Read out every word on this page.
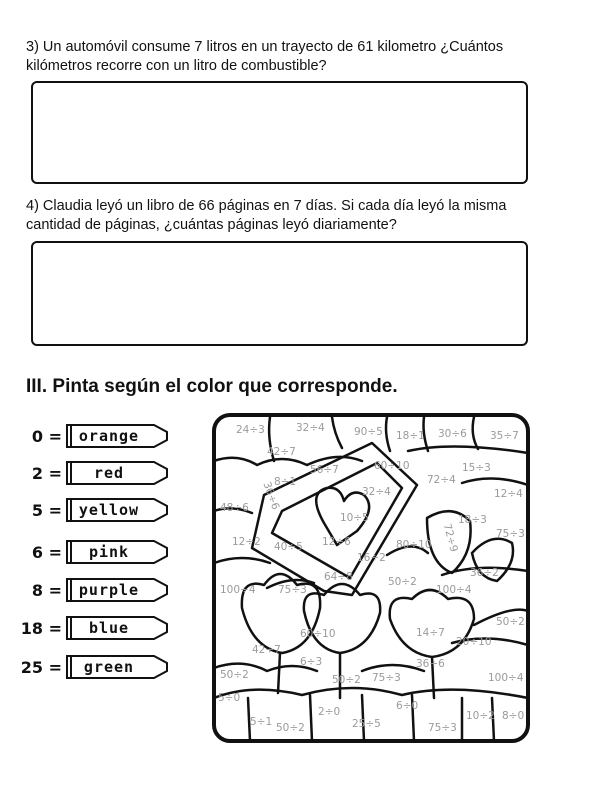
3) Un automóvil consume 7 litros en un trayecto de 61 kilometro ¿Cuántos kilómetros recorre con un litro de combustible?
4) Claudia leyó un libro de 66 páginas en 7 días. Si cada día leyó la misma cantidad de páginas, ¿cuántas páginas leyó diariamente?
III. Pinta según el color que corresponde.
0 =	orange
2 =	red
5 =	yellow
6 =	pink
8 =	purple
18 =	blue
25 =	green
24÷3	32÷4	90÷5 18÷1 30÷6 35÷7
42÷7
56÷7	60÷10	15÷3
8÷1
36÷6
72÷4
32÷4	12÷4
48÷6
10÷5	18÷3
75÷3
12÷2 40÷5 12÷6
16÷2
80÷10 72÷9
36÷2
64÷8	50÷2
100÷4
75÷3
100÷4
50÷2
60÷10	14÷7
20÷10
42÷7
6÷3	36÷6
50÷2 75÷3
50÷2	100÷4
5÷0
6÷0
5÷1
2÷0	10÷2 8÷0
50÷2	25÷5	75÷3
